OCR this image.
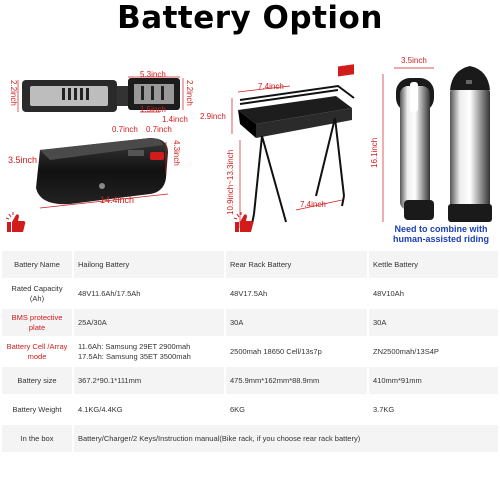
Battery Option
5.3inch
1.5inch
2.2inch	2.2inch
0.7inch 0.7inch
1.4inch
3.5inch	4.3inch
14.4inch
7.4inch
2.9inch
10.9inch~13.3inch	7.4inch
3.5inch
16.1inch
Need to combine with human-assisted riding
Battery Name	Hailong Battery	Rear Rack Battery	Kettle Battery
Rated Capacity (Ah)	48V11.6Ah/17.5Ah	48V17.5Ah	48V10Ah
BMS protective plate	25A/30A	30A	30A
Battery Cell /Array mode	11.6Ah: Samsung 29ET 2900mah
17.5Ah: Samsung 35ET 3500mah	2500mah 18650 Cell/13s7p	ZN2500mah/13S4P
Battery size	367.2*90.1*111mm	475.9mm*162mm*88.9mm	410mm*91mm
Battery Weight	4.1KG/4.4KG	6KG	3.7KG
In the box	Battery/Charger/2 Keys/Instruction manual(Bike rack, if you choose rear rack battery)		
